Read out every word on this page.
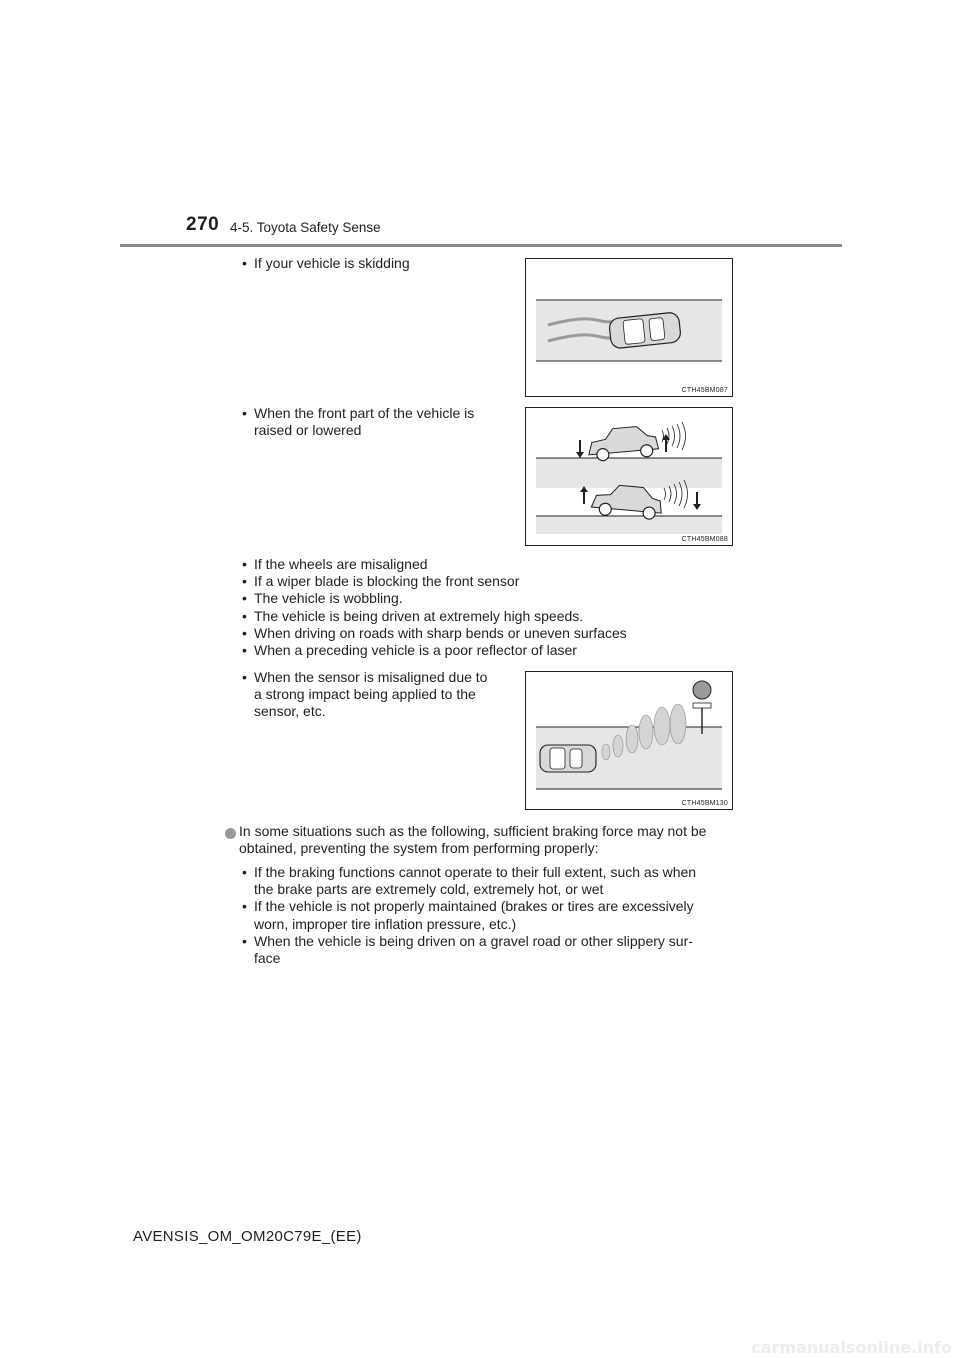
270 4-5. Toyota Safety Sense
• If your vehicle is skidding
CTH45BM087
• When the front part of the vehicle is
raised or lowered
CTH45BM088
• If the wheels are misaligned
• If a wiper blade is blocking the front sensor
• The vehicle is wobbling.
• The vehicle is being driven at extremely high speeds.
• When driving on roads with sharp bends or uneven surfaces
• When a preceding vehicle is a poor reflector of laser
• When the sensor is misaligned due to
a strong impact being applied to the
sensor, etc.
CTH45BM130
In some situations such as the following, sufficient braking force may not be
obtained, preventing the system from performing properly:
• If the braking functions cannot operate to their full extent, such as when
the brake parts are extremely cold, extremely hot, or wet
• If the vehicle is not properly maintained (brakes or tires are excessively
worn, improper tire inflation pressure, etc.)
• When the vehicle is being driven on a gravel road or other slippery sur-
face
AVENSIS_OM_OM20C79E_(EE)
carmanualsonline.info
